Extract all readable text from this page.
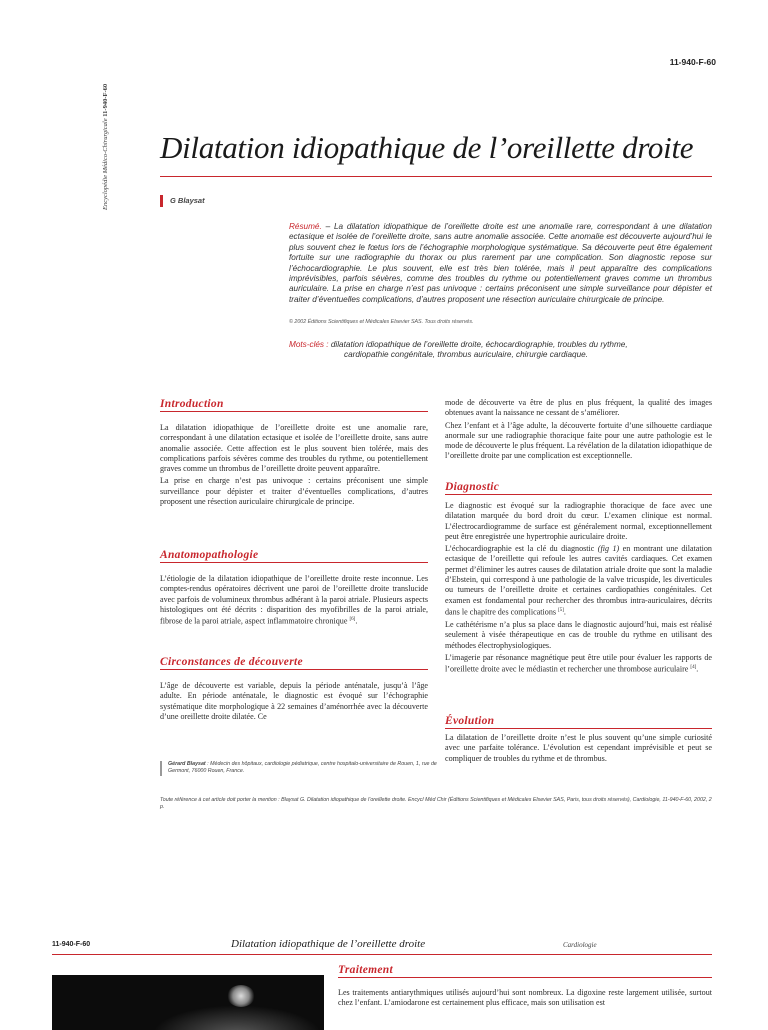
Encyclopédie Médico-Chirurgicale 11-940-F-60
11-940-F-60
Dilatation idiopathique de l’oreillette droite
G Blaysat
Résumé. – La dilatation idiopathique de l’oreillette droite est une anomalie rare, correspondant à une dilatation ectasique et isolée de l’oreillette droite, sans autre anomalie associée. Cette anomalie est découverte aujourd’hui le plus souvent chez le fœtus lors de l’échographie morphologique systématique. Sa découverte peut être également fortuite sur une radiographie du thorax ou plus rarement par une complication. Son diagnostic repose sur l’échocardiographie. Le plus souvent, elle est très bien tolérée, mais il peut apparaître des complications imprévisibles, parfois sévères, comme des troubles du rythme ou potentiellement graves comme un thrombus auriculaire. La prise en charge n’est pas univoque : certains préconisent une simple surveillance pour dépister et traiter d’éventuelles complications, d’autres proposent une résection auriculaire chirurgicale de principe.
© 2002 Éditions Scientifiques et Médicales Elsevier SAS. Tous droits réservés.
Mots-clés : dilatation idiopathique de l’oreillette droite, échocardiographie, troubles du rythme,
cardiopathie congénitale, thrombus auriculaire, chirurgie cardiaque.
Introduction

La dilatation idiopathique de l’oreillette droite est une anomalie rare, correspondant à une dilatation ectasique et isolée de l’oreillette droite, sans autre anomalie associée. Cette affection est le plus souvent bien tolérée, mais des complications parfois sévères comme des troubles du rythme, ou potentiellement graves comme un thrombus de l’oreillette droite peuvent apparaître.

La prise en charge n’est pas univoque : certains préconisent une simple surveillance pour dépister et traiter d’éventuelles complications, d’autres proposent une résection auriculaire chirurgicale de principe.

Anatomopathologie

L’étiologie de la dilatation idiopathique de l’oreillette droite reste inconnue. Les comptes-rendus opératoires décrivent une paroi de l’oreillette droite translucide avec parfois de volumineux thrombus adhérant à la paroi atriale. Plusieurs aspects histologiques ont été décrits : disparition des myofibrilles de la paroi atriale, fibrose de la paroi atriale, aspect inflammatoire chronique [6].

Circonstances de découverte

L’âge de découverte est variable, depuis la période anténatale, jusqu’à l’âge adulte. En période anténatale, le diagnostic est évoqué sur l’échographie systématique dite morphologique à 22 semaines d’aménorrhée avec la découverte d’une oreillette droite dilatée. Ce

Gérard Blaysat : Médecin des hôpitaux, cardiologie pédiatrique, centre hospitalo-universitaire de Rouen, 1, rue de Germont, 76000 Rouen, France.

mode de découverte va être de plus en plus fréquent, la qualité des images obtenues avant la naissance ne cessant de s’améliorer.

Chez l’enfant et à l’âge adulte, la découverte fortuite d’une silhouette cardiaque anormale sur une radiographie thoracique faite pour une autre pathologie est le mode de découverte le plus fréquent. La révélation de la dilatation idiopathique de l’oreillette droite par une complication est exceptionnelle.

Diagnostic

Le diagnostic est évoqué sur la radiographie thoracique de face avec une dilatation marquée du bord droit du cœur. L’examen clinique est normal. L’électrocardiogramme de surface est généralement normal, exceptionnellement peut être enregistrée une hypertrophie auriculaire droite.

L’échocardiographie est la clé du diagnostic (fig 1) en montrant une dilatation ectasique de l’oreillette qui refoule les autres cavités cardiaques. Cet examen permet d’éliminer les autres causes de dilatation atriale droite que sont la maladie d’Ebstein, qui correspond à une pathologie de la valve tricuspide, les diverticules ou tumeurs de l’oreillette droite et certaines cardiopathies congénitales. Cet examen est fondamental pour rechercher des thrombus intra-auriculaires, décrits dans le chapitre des complications [5].

Le cathétérisme n’a plus sa place dans le diagnostic aujourd’hui, mais est réalisé seulement à visée thérapeutique en cas de trouble du rythme en utilisant des méthodes électrophysiologiques.

L’imagerie par résonance magnétique peut être utile pour évaluer les rapports de l’oreillette droite avec le médiastin et rechercher une thrombose auriculaire [4].

Évolution

La dilatation de l’oreillette droite n’est le plus souvent qu’une simple curiosité avec une parfaite tolérance. L’évolution est cependant imprévisible et peut se compliquer de troubles du rythme et de thrombus.

Toute référence à cet article doit porter la mention : Blaysat G. Dilatation idiopathique de l’oreillette droite. Encycl Méd Chir (Éditions Scientifiques et Médicales Elsevier SAS, Paris, tous droits réservés), Cardiologie, 11-940-F-60, 2002, 2 p.
11-940-F-60	Dilatation idiopathique de l’oreillette droite	Cardiologie
Traitement

Les traitements antiarythmiques utilisés aujourd’hui sont nombreux. La digoxine reste largement utilisée, surtout chez l’enfant. L’amiodarone est certainement plus efficace, mais son utilisation est
